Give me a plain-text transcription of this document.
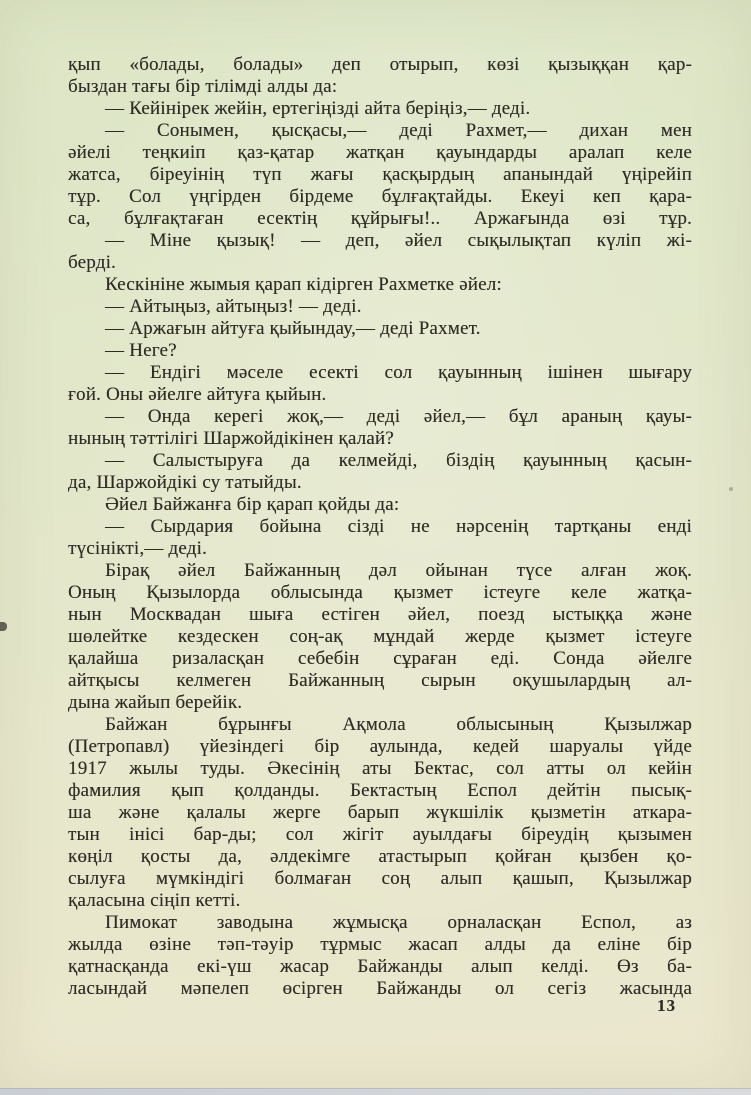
қып «болады, болады» деп отырып, көзі қызыққан қар-
быздан тағы бір тілімді алды да:
— Кейінірек жейін, ертегіңізді айта беріңіз,— деді.
— Сонымен, қысқасы,— деді Рахмет,— дихан мен
әйелі теңкиіп қаз-қатар жатқан қауындарды аралап келе
жатса, біреуінің түп жағы қасқырдың апанындай үңірейіп
тұр. Сол үңгірден бірдеме бұлғақтайды. Екеуі кеп қара-
са, бұлғақтаған есектің құйрығы!.. Аржағында өзі тұр.
— Міне қызық! — деп, әйел сықылықтап күліп жі-
берді.
Кескініне жымыя қарап кідірген Рахметке әйел:
— Айтыңыз, айтыңыз! — деді.
— Аржағын айтуға қыйындау,— деді Рахмет.
— Неге?
— Ендігі мәселе есекті сол қауынның ішінен шығару
ғой. Оны әйелге айтуға қыйын.
— Онда керегі жоқ,— деді әйел,— бұл араның қауы-
нының тәттілігі Шаржойдікінен қалай?
— Салыстыруға да келмейді, біздің қауынның қасын-
да, Шаржойдікі су татыйды.
Әйел Байжанға бір қарап қойды да:
— Сырдария бойына сізді не нәрсенің тартқаны енді
түсінікті,— деді.
Бірақ әйел Байжанның дәл ойынан түсе алған жоқ.
Оның Қызылорда облысында қызмет істеуге келе жатқа-
нын Москвадан шыға естіген әйел, поезд ыстыққа және
шөлейтке кездескен соң-ақ мұндай жерде қызмет істеуге
қалайша ризаласқан себебін сұраған еді. Сонда әйелге
айтқысы келмеген Байжанның сырын оқушылардың ал-
дына жайып берейік.
Байжан бұрынғы Ақмола облысының Қызылжар
(Петропавл) үйезіндегі бір аулында, кедей шаруалы үйде
1917 жылы туды. Әкесінің аты Бектас, сол атты ол кейін
фамилия қып қолданды. Бектастың Еспол дейтін пысық-
ша және қалалы жерге барып жүкшілік қызметін аткара-
тын інісі бар-ды; сол жігіт ауылдағы біреудің қызымен
көңіл қосты да, әлдекімге атастырып қойған қызбен қо-
сылуға мүмкіндігі болмаған соң алып қашып, Қызылжар
қаласына сіңіп кетті.
Пимокат заводына жұмысқа орналасқан Еспол, аз
жылда өзіне тәп-тәуір тұрмыс жасап алды да еліне бір
қатнасқанда екі-үш жасар Байжанды алып келді. Өз ба-
ласындай мәпелеп өсірген Байжанды ол сегіз жасында
13
